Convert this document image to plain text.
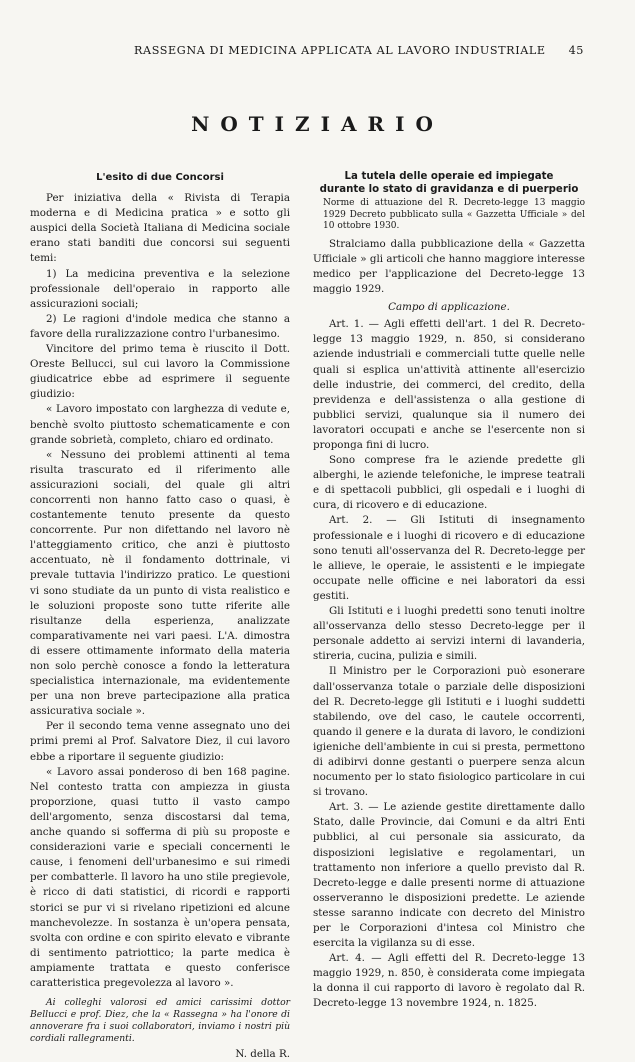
RASSEGNA DI MEDICINA APPLICATA AL LAVORO INDUSTRIALE 45
NOTIZIARIO
L'esito di due Concorsi

Per iniziativa della « Rivista di Terapia moderna e di Medicina pratica » e sotto gli auspici della Società Italiana di Medicina sociale erano stati banditi due concorsi sui seguenti temi:

1) La medicina preventiva e la selezione professionale dell'operaio in rapporto alle assicurazioni sociali;

2) Le ragioni d'indole medica che stanno a favore della ruralizzazione contro l'urbanesimo.

Vincitore del primo tema è riuscito il Dott. Oreste Bellucci, sul cui lavoro la Commissione giudicatrice ebbe ad esprimere il seguente giudizio:

« Lavoro impostato con larghezza di vedute e, benchè svolto piuttosto schematicamente e con grande sobrietà, completo, chiaro ed ordinato.

« Nessuno dei problemi attinenti al tema risulta trascurato ed il riferimento alle assicurazioni sociali, del quale gli altri concorrenti non hanno fatto caso o quasi, è costantemente tenuto presente da questo concorrente. Pur non difettando nel lavoro nè l'atteggiamento critico, che anzi è piuttosto accentuato, nè il fondamento dottrinale, vi prevale tuttavia l'indirizzo pratico. Le questioni vi sono studiate da un punto di vista realistico e le soluzioni proposte sono tutte riferite alle risultanze della esperienza, analizzate comparativamente nei vari paesi. L'A. dimostra di essere ottimamente informato della materia non solo perchè conosce a fondo la letteratura specialistica internazionale, ma evidentemente per una non breve partecipazione alla pratica assicurativa sociale ».

Per il secondo tema venne assegnato uno dei primi premi al Prof. Salvatore Diez, il cui lavoro ebbe a riportare il seguente giudizio:

« Lavoro assai ponderoso di ben 168 pagine. Nel contesto tratta con ampiezza in giusta proporzione, quasi tutto il vasto campo dell'argomento, senza discostarsi dal tema, anche quando si sofferma di più su proposte e considerazioni varie e speciali concernenti le cause, i fenomeni dell'urbanesimo e sui rimedi per combatterle. Il lavoro ha uno stile pregievole, è ricco di dati statistici, di ricordi e rapporti storici se pur vi si rivelano ripetizioni ed alcune manchevolezze. In sostanza è un'opera pensata, svolta con ordine e con spirito elevato e vibrante di sentimento patriottico; la parte medica è ampiamente trattata e questo conferisce caratteristica pregevolezza al lavoro ».

Ai colleghi valorosi ed amici carissimi dottor Bellucci e prof. Diez, che la « Rassegna » ha l'onore di annoverare fra i suoi collaboratori, inviamo i nostri più cordiali rallegramenti.

N. della R.

La tutela delle operaie ed impiegate
durante lo stato di gravidanza e di puerperio

Norme di attuazione del R. Decreto-legge 13 maggio 1929 Decreto pubblicato sulla « Gazzetta Ufficiale » del 10 ottobre 1930.

Stralciamo dalla pubblicazione della « Gazzetta Ufficiale » gli articoli che hanno maggiore interesse medico per l'applicazione del Decreto-legge 13 maggio 1929.

Campo di applicazione.

Art. 1. — Agli effetti dell'art. 1 del R. Decreto-legge 13 maggio 1929, n. 850, si considerano aziende industriali e commerciali tutte quelle nelle quali si esplica un'attività attinente all'esercizio delle industrie, dei commerci, del credito, della previdenza e dell'assistenza o alla gestione di pubblici servizi, qualunque sia il numero dei lavoratori occupati e anche se l'esercente non si proponga fini di lucro.

Sono comprese fra le aziende predette gli alberghi, le aziende telefoniche, le imprese teatrali e di spettacoli pubblici, gli ospedali e i luoghi di cura, di ricovero e di educazione.

Art. 2. — Gli Istituti di insegnamento professionale e i luoghi di ricovero e di educazione sono tenuti all'osservanza del R. Decreto-legge per le allieve, le operaie, le assistenti e le impiegate occupate nelle officine e nei laboratori da essi gestiti.

Gli Istituti e i luoghi predetti sono tenuti inoltre all'osservanza dello stesso Decreto-legge per il personale addetto ai servizi interni di lavanderia, stireria, cucina, pulizia e simili.

Il Ministro per le Corporazioni può esonerare dall'osservanza totale o parziale delle disposizioni del R. Decreto-legge gli Istituti e i luoghi suddetti stabilendo, ove del caso, le cautele occorrenti, quando il genere e la durata di lavoro, le condizioni igieniche dell'ambiente in cui si presta, permettono di adibirvi donne gestanti o puerpere senza alcun nocumento per lo stato fisiologico particolare in cui si trovano.

Art. 3. — Le aziende gestite direttamente dallo Stato, dalle Provincie, dai Comuni e da altri Enti pubblici, al cui personale sia assicurato, da disposizioni legislative e regolamentari, un trattamento non inferiore a quello previsto dal R. Decreto-legge e dalle presenti norme di attuazione osserveranno le disposizioni predette. Le aziende stesse saranno indicate con decreto del Ministro per le Corporazioni d'intesa col Ministro che esercita la vigilanza su di esse.

Art. 4. — Agli effetti del R. Decreto-legge 13 maggio 1929, n. 850, è considerata come impiegata la donna il cui rapporto di lavoro è regolato dal R. Decreto-legge 13 novembre 1924, n. 1825.
